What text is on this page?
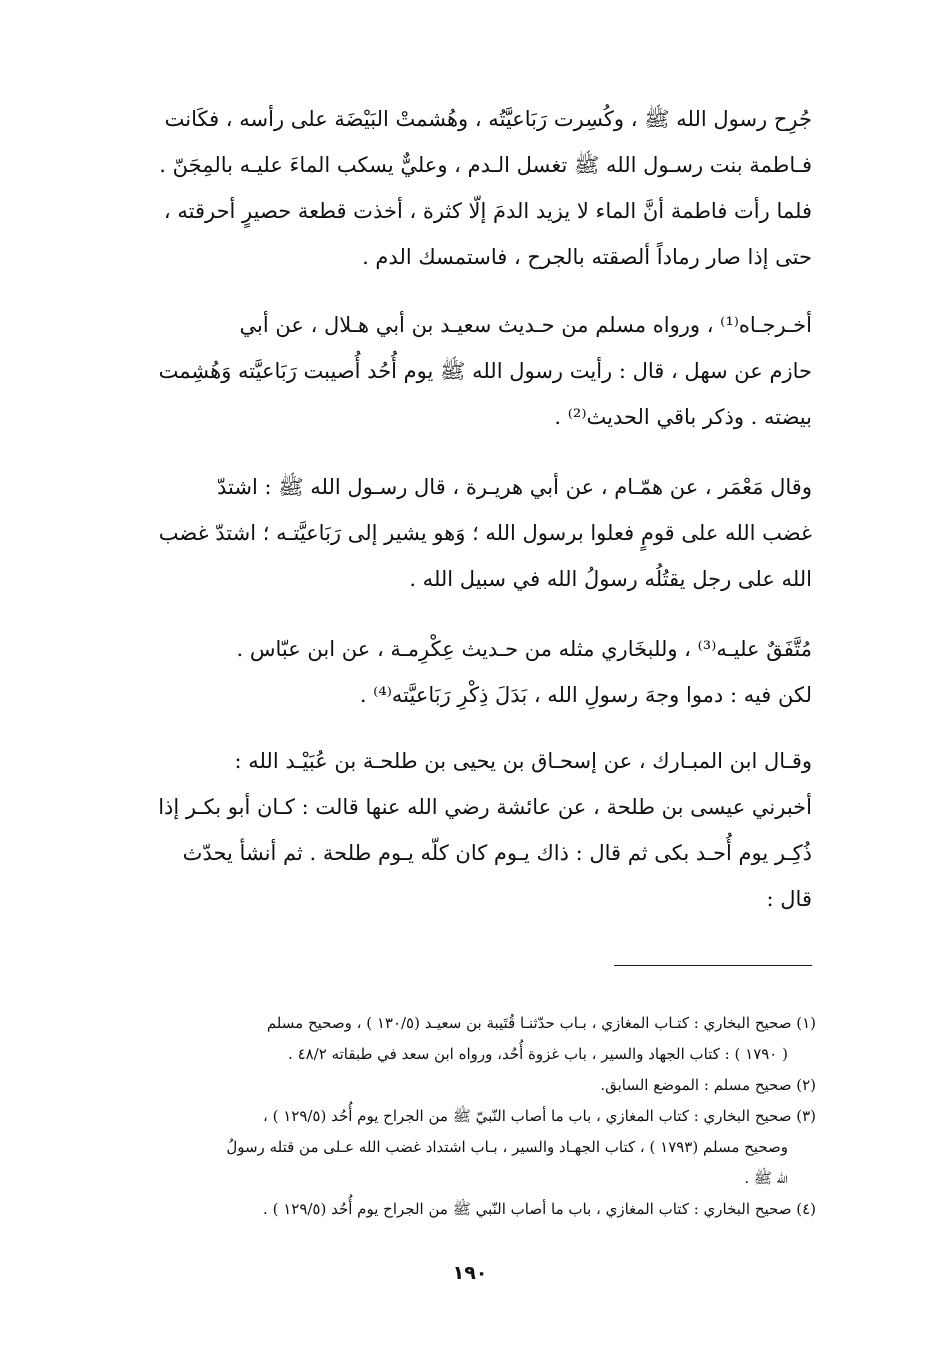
جُرِح رسول الله ﷺ ، وكُسِرت رَبَاعيَّتُه ، وهُشمتْ البَيْضَة على رأسه ، فكَانت
فـاطمة بنت رسـول الله ﷺ تغسل الـدم ، وعليٌّ يسكب الماءَ عليـه بالمِجَنّ .
فلما رأت فاطمة أنَّ الماء لا يزيد الدمَ إلّا كثرة ، أخذت قطعة حصيرٍ أحرقته ،
حتى إذا صار رماداً ألصقته بالجرح ، فاستمسك الدم .
أخـرجـاه⁽¹⁾ ، ورواه مسلم من حـديث سعيـد بن أبي هـلال ، عن أبي
حازم عن سهل ، قال : رأيت رسول الله ﷺ يوم أُحُد أُصيبت رَبَاعيَّته وَهُشِمت
بيضته . وذكر باقي الحديث⁽²⁾ .
وقال مَعْمَر ، عن همّـام ، عن أبي هريـرة ، قال رسـول الله ﷺ : اشتدّ
غضب الله على قومٍ فعلوا برسول الله ؛ وَهو يشير إلى رَبَاعيَّتـه ؛ اشتدّ غضب
الله على رجل يقتُلُه رسولُ الله في سبيل الله .
مُتَّفَقٌ عليـه⁽³⁾ ، وللبخَاري مثله من حـديث عِكْرِمـة ، عن ابن عبّاس .
لكن فيه : دموا وجهَ رسولِ الله ، بَدَلَ ذِكْرِ رَبَاعيَّته⁽⁴⁾ .
وقـال ابن المبـارك ، عن إسحـاق بن يحيى بن طلحـة بن عُبَيْـد الله :
أخبرني عيسى بن طلحة ، عن عائشة رضي الله عنها قالت : كـان أبو بكـر إذا
ذُكِـر يوم أُحـد بكى ثم قال : ذاك يـوم كان كلّه يـوم طلحة . ثم أنشأ يحدّث
قال :
(١) صحيح البخاري : كتـاب المغازي ، بـاب حدّثنـا قُتَيبة بن سعيـد (١٣٠/٥ ) ، وصحيح مسلم
( ١٧٩٠ ) : كتاب الجهاد والسير ، باب غزوة أُحُد، ورواه ابن سعد في طبقاته ٤٨/٢ .
(٢) صحيح مسلم : الموضع السابق.
(٣) صحيح البخاري : كتاب المغازي ، باب ما أصاب النّبيّ ﷺ من الجراح يوم أُحُد (١٢٩/٥ ) ،
وصحيح مسلم (١٧٩٣ ) ، كتاب الجهـاد والسير ، بـاب اشتداد غضب الله عـلى من قتله رسولُ
الله ﷺ .
(٤) صحيح البخاري : كتاب المغازي ، باب ما أصاب النّبي ﷺ من الجراح يوم أُحُد (١٢٩/٥ ) .
١٩٠
